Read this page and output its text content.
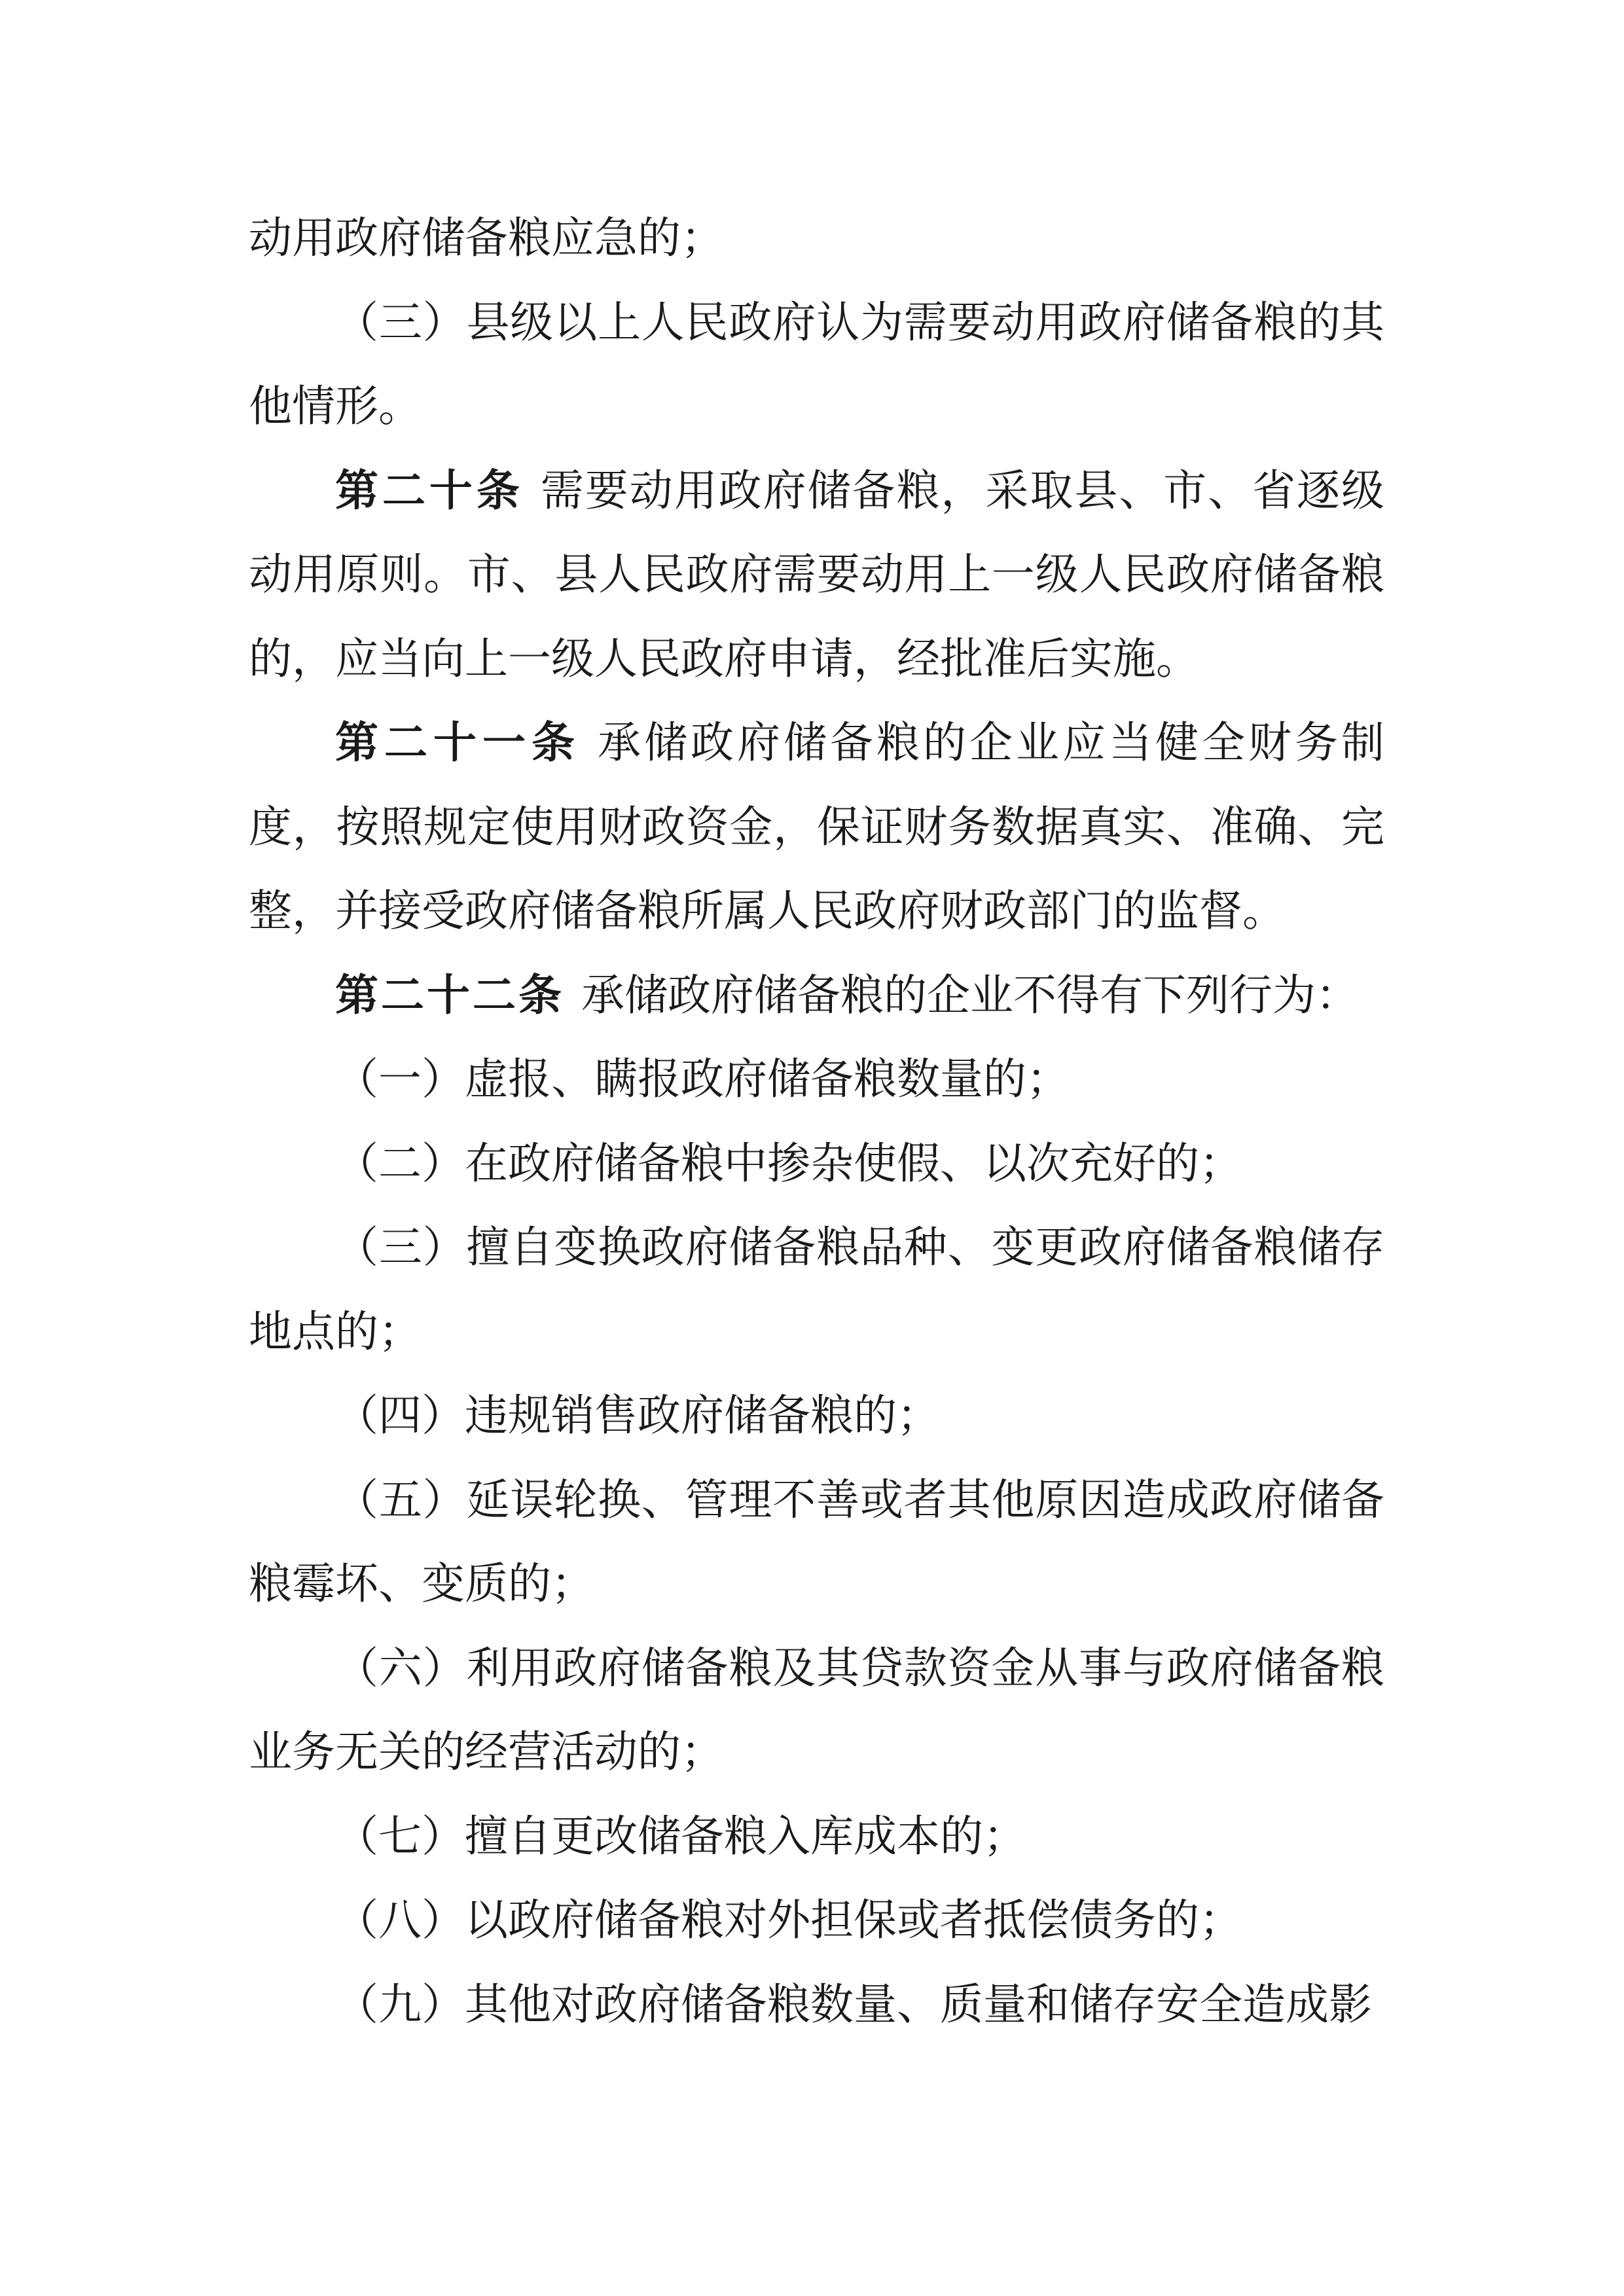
动用政府储备粮应急的；

（三）县级以上人民政府认为需要动用政府储备粮的其他情形。

第二十条 需要动用政府储备粮，采取县、市、省逐级动用原则。市、县人民政府需要动用上一级人民政府储备粮的，应当向上一级人民政府申请，经批准后实施。

第二十一条 承储政府储备粮的企业应当健全财务制度，按照规定使用财政资金，保证财务数据真实、准确、完整，并接受政府储备粮所属人民政府财政部门的监督。

第二十二条 承储政府储备粮的企业不得有下列行为：

（一）虚报、瞒报政府储备粮数量的；

（二）在政府储备粮中掺杂使假、以次充好的；

（三）擅自变换政府储备粮品种、变更政府储备粮储存地点的；

（四）违规销售政府储备粮的；

（五）延误轮换、管理不善或者其他原因造成政府储备粮霉坏、变质的；

（六）利用政府储备粮及其贷款资金从事与政府储备粮业务无关的经营活动的；

（七）擅自更改储备粮入库成本的；

（八）以政府储备粮对外担保或者抵偿债务的；

（九）其他对政府储备粮数量、质量和储存安全造成影
